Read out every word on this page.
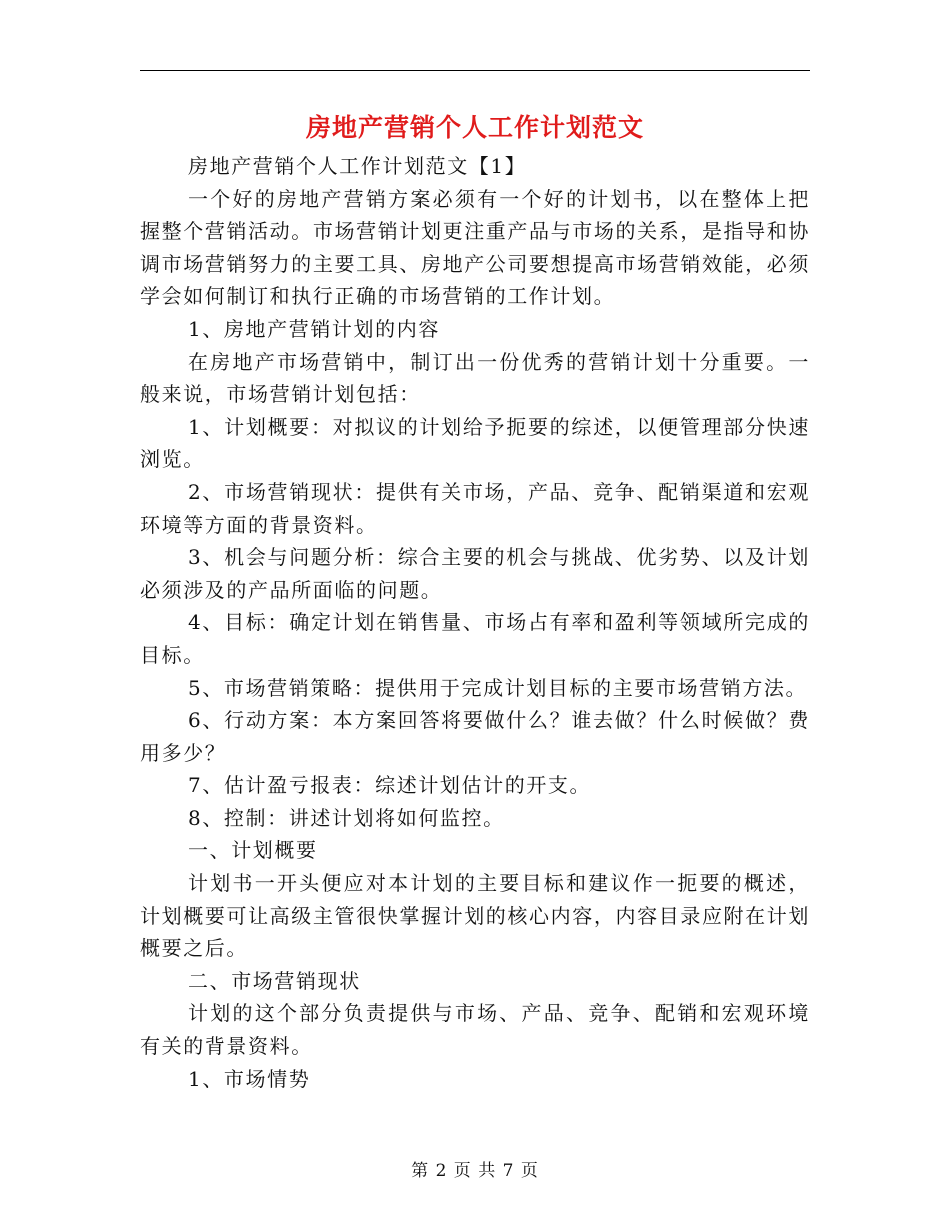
房地产营销个人工作计划范文

房地产营销个人工作计划范文【1】

一个好的房地产营销方案必须有一个好的计划书，以在整体上把握整个营销活动。市场营销计划更注重产品与市场的关系，是指导和协调市场营销努力的主要工具、房地产公司要想提高市场营销效能，必须学会如何制订和执行正确的市场营销的工作计划。

1、房地产营销计划的内容

在房地产市场营销中，制订出一份优秀的营销计划十分重要。一般来说，市场营销计划包括：

1、计划概要：对拟议的计划给予扼要的综述，以便管理部分快速浏览。

2、市场营销现状：提供有关市场，产品、竞争、配销渠道和宏观环境等方面的背景资料。

3、机会与问题分析：综合主要的机会与挑战、优劣势、以及计划必须涉及的产品所面临的问题。

4、目标：确定计划在销售量、市场占有率和盈利等领域所完成的目标。

5、市场营销策略：提供用于完成计划目标的主要市场营销方法。

6、行动方案：本方案回答将要做什么？谁去做？什么时候做？费用多少？

7、估计盈亏报表：综述计划估计的开支。

8、控制：讲述计划将如何监控。

一、计划概要

计划书一开头便应对本计划的主要目标和建议作一扼要的概述，计划概要可让高级主管很快掌握计划的核心内容，内容目录应附在计划概要之后。

二、市场营销现状

计划的这个部分负责提供与市场、产品、竞争、配销和宏观环境有关的背景资料。

1、市场情势

第 2 页 共 7 页
